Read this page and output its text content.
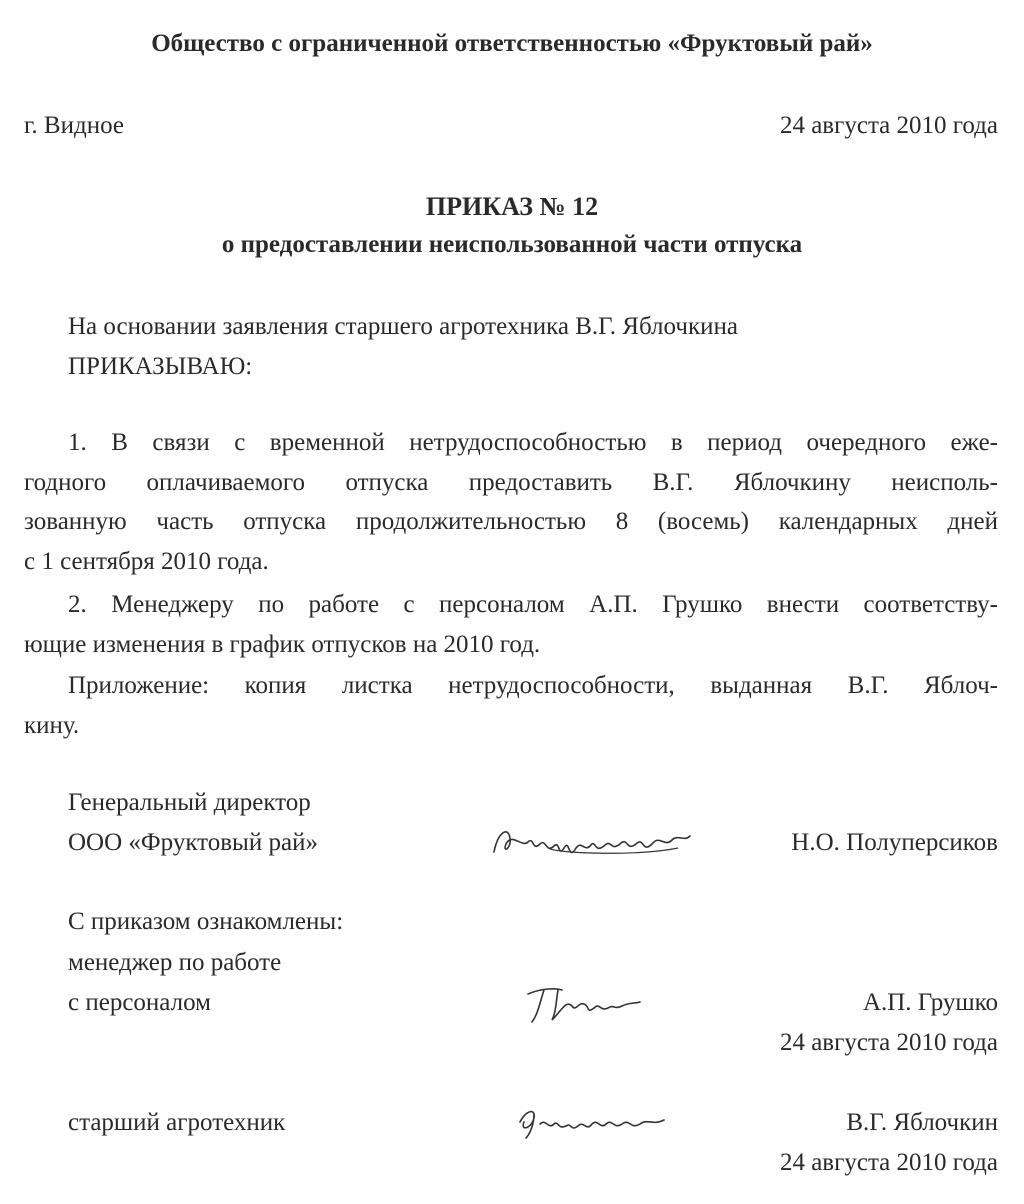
Общество с ограниченной ответственностью «Фруктовый рай»
г. Видное	24 августа 2010 года
ПРИКАЗ № 12
о предоставлении неиспользованной части отпуска
На основании заявления старшего агротехника В.Г. Яблочкина
ПРИКАЗЫВАЮ:
1. В связи с временной нетрудоспособностью в период очередного еже-
годного оплачиваемого отпуска предоставить В.Г. Яблочкину неисполь-
зованную часть отпуска продолжительностью 8 (восемь) календарных дней
с 1 сентября 2010 года.
2. Менеджеру по работе с персоналом А.П. Грушко внести соответству-
ющие изменения в график отпусков на 2010 год.
Приложение: копия листка нетрудоспособности, выданная В.Г. Яблоч-
кину.
Генеральный директор
ООО «Фруктовый рай»	Н.О. Полуперсиков
С приказом ознакомлены:
менеджер по работе
с персоналом	А.П. Грушко
24 августа 2010 года
старший агротехник	В.Г. Яблочкин
24 августа 2010 года
